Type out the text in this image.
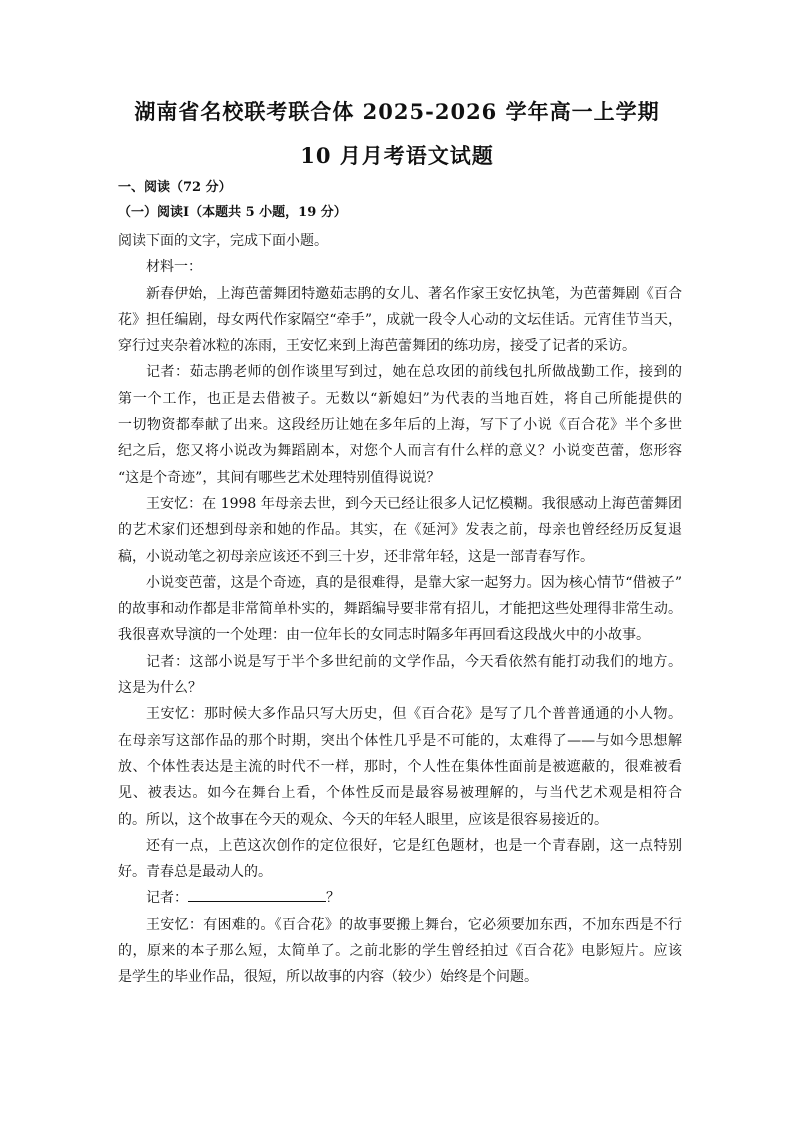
湖南省名校联考联合体 2025-2026 学年高一上学期
10 月月考语文试题

一、阅读（72 分）

（一）阅读Ⅰ（本题共 5 小题，19 分）

阅读下面的文字，完成下面小题。

材料一：

新春伊始，上海芭蕾舞团特邀茹志鹃的女儿、著名作家王安忆执笔，为芭蕾舞剧《百合

花》担任编剧，母女两代作家隔空“牵手”，成就一段令人心动的文坛佳话。元宵佳节当天，

穿行过夹杂着冰粒的冻雨，王安忆来到上海芭蕾舞团的练功房，接受了记者的采访。

记者：茹志鹃老师的创作谈里写到过，她在总攻团的前线包扎所做战勤工作，接到的

第一个工作，也正是去借被子。无数以“新媳妇”为代表的当地百姓，将自己所能提供的

一切物资都奉献了出来。这段经历让她在多年后的上海，写下了小说《百合花》半个多世

纪之后，您又将小说改为舞蹈剧本，对您个人而言有什么样的意义？小说变芭蕾，您形容

“这是个奇迹”，其间有哪些艺术处理特别值得说说？

王安忆：在 1998 年母亲去世，到今天已经让很多人记忆模糊。我很感动上海芭蕾舞团

的艺术家们还想到母亲和她的作品。其实，在《延河》发表之前，母亲也曾经经历反复退

稿，小说动笔之初母亲应该还不到三十岁，还非常年轻，这是一部青春写作。

小说变芭蕾，这是个奇迹，真的是很难得，是靠大家一起努力。因为核心情节“借被子”

的故事和动作都是非常简单朴实的，舞蹈编导要非常有招儿，才能把这些处理得非常生动。

我很喜欢导演的一个处理：由一位年长的女同志时隔多年再回看这段战火中的小故事。

记者：这部小说是写于半个多世纪前的文学作品，今天看依然有能打动我们的地方。

这是为什么？

王安忆：那时候大多作品只写大历史，但《百合花》是写了几个普普通通的小人物。

在母亲写这部作品的那个时期，突出个体性几乎是不可能的，太难得了——与如今思想解

放、个体性表达是主流的时代不一样，那时，个人性在集体性面前是被遮蔽的，很难被看

见、被表达。如今在舞台上看，个体性反而是最容易被理解的，与当代艺术观是相符合

的。所以，这个故事在今天的观众、今天的年轻人眼里，应该是很容易接近的。

还有一点，上芭这次创作的定位很好，它是红色题材，也是一个青春剧，这一点特别

好。青春总是最动人的。

记者：	？

王安忆：有困难的。《百合花》的故事要搬上舞台，它必须要加东西，不加东西是不行

的，原来的本子那么短，太简单了。之前北影的学生曾经拍过《百合花》电影短片。应该

是学生的毕业作品，很短，所以故事的内容（较少）始终是个问题。
